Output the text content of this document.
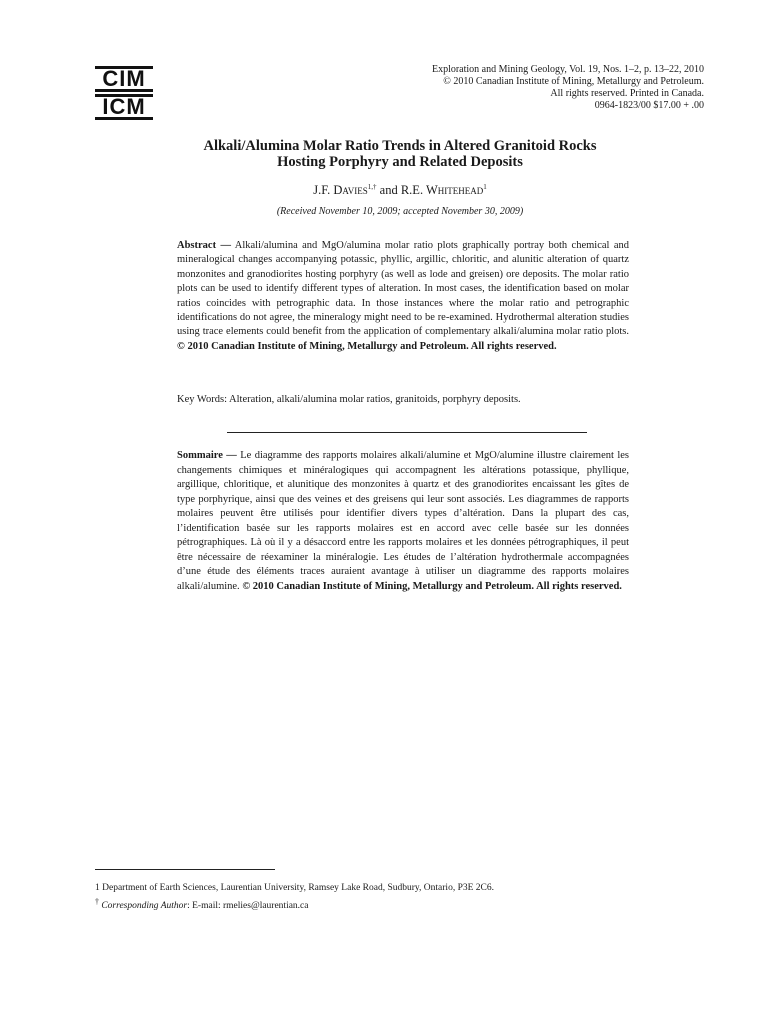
CIM
ICM
Exploration and Mining Geology, Vol. 19, Nos. 1–2, p. 13–22, 2010
© 2010 Canadian Institute of Mining, Metallurgy and Petroleum.
All rights reserved. Printed in Canada.
0964-1823/00 $17.00 + .00
Alkali/Alumina Molar Ratio Trends in Altered Granitoid Rocks
Hosting Porphyry and Related Deposits
J.F. Davies$^{1,\dagger}$ and R.E. Whitehead$^1$
(Received November 10, 2009; accepted November 30, 2009)
Abstract — Alkali/alumina and MgO/alumina molar ratio plots graphically portray both chemical and mineralogical changes accompanying potassic, phyllic, argillic, chloritic, and alunitic alteration of quartz monzonites and granodiorites hosting porphyry (as well as lode and greisen) ore deposits. The molar ratio plots can be used to identify different types of alteration. In most cases, the identification based on molar ratios coincides with petrographic data. In those instances where the molar ratio and petrographic identifications do not agree, the mineralogy might need to be re-examined. Hydrothermal alteration studies using trace elements could benefit from the application of complementary alkali/alumina molar ratio plots. © 2010 Canadian Institute of Mining, Metallurgy and Petroleum. All rights reserved.
Key Words: Alteration, alkali/alumina molar ratios, granitoids, porphyry deposits.
Sommaire — Le diagramme des rapports molaires alkali/alumine et MgO/alumine illustre clairement les changements chimiques et minéralogiques qui accompagnent les altérations potassique, phyllique, argillique, chloritique, et alunitique des monzonites à quartz et des granodiorites encaissant les gîtes de type porphyrique, ainsi que des veines et des greisens qui leur sont associés. Les diagrammes de rapports molaires peuvent être utilisés pour identifier divers types d’altération. Dans la plupart des cas, l’identification basée sur les rapports molaires est en accord avec celle basée sur les données pétrographiques. Là où il y a désaccord entre les rapports molaires et les données pétrographiques, il peut être nécessaire de réexaminer la minéralogie. Les études de l’altération hydrothermale accompagnées d’une étude des éléments traces auraient avantage à utiliser un diagramme des rapports molaires alkali/alumine. © 2010 Canadian Institute of Mining, Metallurgy and Petroleum. All rights reserved.
1 Department of Earth Sciences, Laurentian University, Ramsey Lake Road, Sudbury, Ontario, P3E 2C6.
† Corresponding Author: E-mail: rmelies@laurentian.ca
